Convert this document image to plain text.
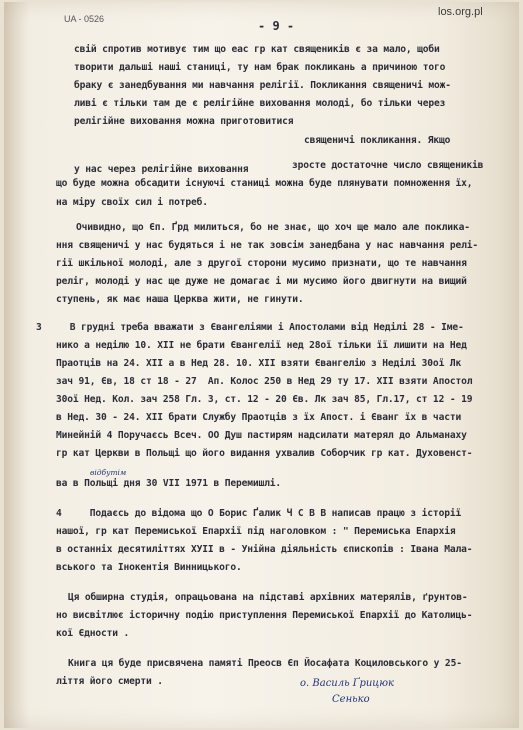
UA - 0526	- 9 -
los.org.pl
свій спротив мотивує тим що еас гр кат священиків є за мало, щоби
творити дальші наші станиці, ту нам брак покликань а причиною того
браку є занедбування ми навчання релігії. Покликання священичі мож-
ливі є тільки там де є релігійне виховання молоді, бо тільки через
релігійне виховання можна приготовитися
священичі покликання. Якщо
у нас через релігійне виховання	зросте достаточне число священиків
що буде можна обсадити існуючі станиці можна буде плянувати помноження їх,
на міру своїх сил і потреб.
Очивидно, що Єп. Ґрд милиться, бо не знає, що хоч ще мало але поклика-
ння священичі у нас будяться і не так зовсім занедбана у нас навчання релі-
гії шкільної молоді, але з другої сторони мусимо признати, що те навчання
реліг, молоді у нас ще дуже не домагає і ми мусимо його двигнути на вищий
ступень, як має наша Церква жити, не гинути.
3     В грудні треба вважати з Євангеліями і Апостолами від Неділі 28 - Іме-
нико а неділю 10. ХІІ не брати Євангелії нед 28ої тільки її лишити на Нед
Праотців на 24. ХІІ а в Нед 28. 10. ХІІ взяти Євангелію з Неділі 30ої Лк
зач 91, Єв, 18 ст 18 - 27  Ап. Колос 250 в Нед 29 ту 17. ХІІ взяти Апостол
30ої Нед. Кол. зач 258 Гл. 3, ст. 12 - 20 Єв. Лк зач 85, Гл.17, ст 12 - 19
в Нед. 30 - 24. ХІІ брати Службу Праотців з їх Апост. і Єванг їх в части
Минейній 4 Поручаєсь Всеч. ОО Душ пастирям надсилати матерял до Альманаху
гр кат Церкви в Польщі що його видання ухвалив Соборчик гр кат. Духовенст-
ва в Польщі дня 30 VII 1971 в Перемишлі.
відбутім
4     Подаєсь до відома що О Борис Ґалик Ч С В В написав працю з історії
нашої, гр кат Перемиської Епархії під наголовком : " Перемиська Епархія
в останніх десятиліттях ХУІІ в - Унійна діяльність єпископів : Івана Мала-
вського та Інокентія Винницького.
Ця обширна студія, опрацьована на підставі архівних матерялів, ґрунтов-
но висвітлює історичну подію приступлення Перемиської Епархії до Католиць-
кої Єдности .
Книга ця буде присвячена памяті Преосв Єп Йосафата Коциловського у 25-
ліття його смерти .	о. Василь Ґрицюк
Сенько
